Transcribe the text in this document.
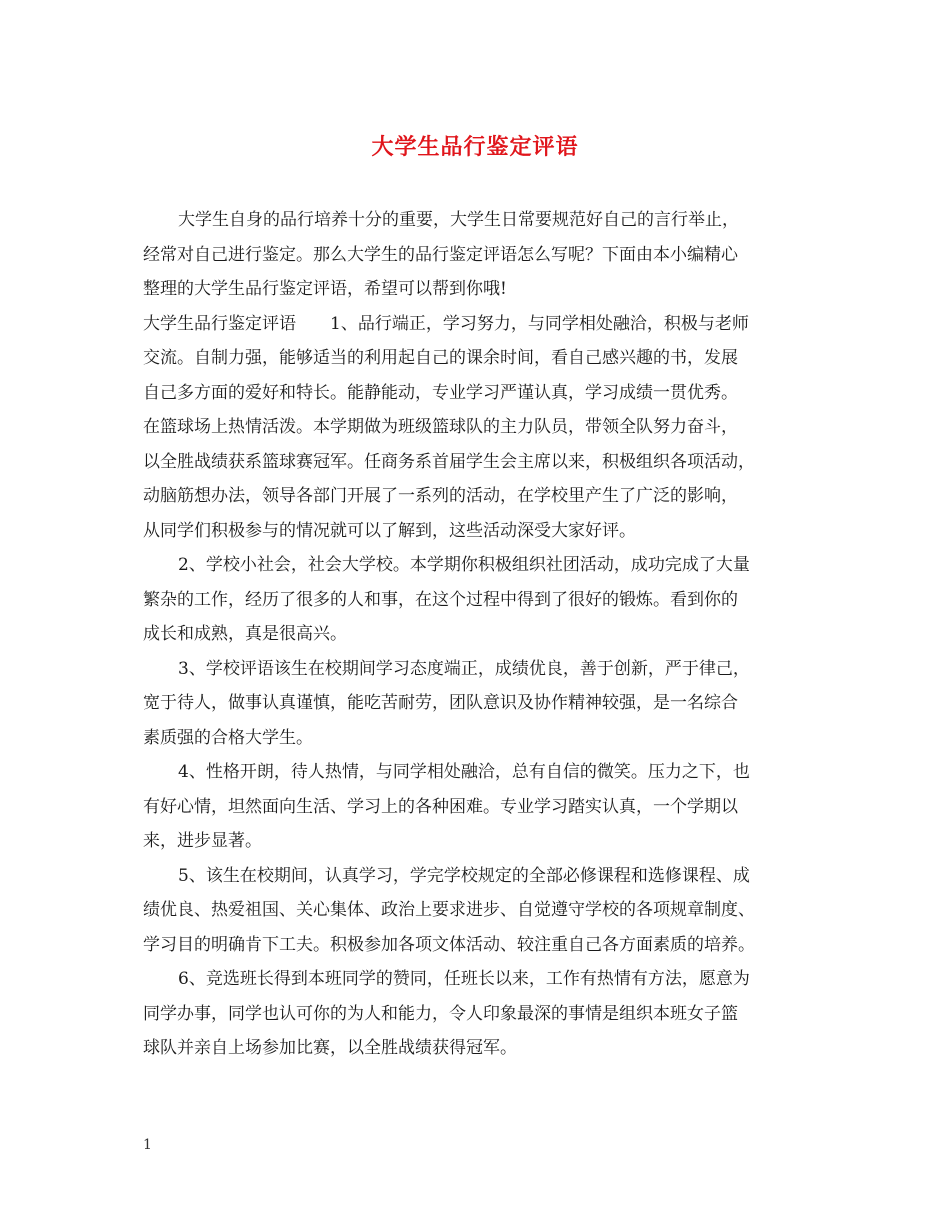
大学生品行鉴定评语
大学生自身的品行培养十分的重要，大学生日常要规范好自己的言行举止，
经常对自己进行鉴定。那么大学生的品行鉴定评语怎么写呢？下面由本小编精心
整理的大学生品行鉴定评语，希望可以帮到你哦!
大学生品行鉴定评语　　1、品行端正，学习努力，与同学相处融洽，积极与老师
交流。自制力强，能够适当的利用起自己的课余时间，看自己感兴趣的书，发展
自己多方面的爱好和特长。能静能动，专业学习严谨认真，学习成绩一贯优秀。
在篮球场上热情活泼。本学期做为班级篮球队的主力队员，带领全队努力奋斗，
以全胜战绩获系篮球赛冠军。任商务系首届学生会主席以来，积极组织各项活动，
动脑筋想办法，领导各部门开展了一系列的活动，在学校里产生了广泛的影响，
从同学们积极参与的情况就可以了解到，这些活动深受大家好评。
2、学校小社会，社会大学校。本学期你积极组织社团活动，成功完成了大量
繁杂的工作，经历了很多的人和事，在这个过程中得到了很好的锻炼。看到你的
成长和成熟，真是很高兴。
3、学校评语该生在校期间学习态度端正，成绩优良，善于创新，严于律己，
宽于待人，做事认真谨慎，能吃苦耐劳，团队意识及协作精神较强，是一名综合
素质强的合格大学生。
4、性格开朗，待人热情，与同学相处融洽，总有自信的微笑。压力之下，也
有好心情，坦然面向生活、学习上的各种困难。专业学习踏实认真，一个学期以
来，进步显著。
5、该生在校期间，认真学习，学完学校规定的全部必修课程和选修课程、成
绩优良、热爱祖国、关心集体、政治上要求进步、自觉遵守学校的各项规章制度、
学习目的明确肯下工夫。积极参加各项文体活动、较注重自己各方面素质的培养。
6、竞选班长得到本班同学的赞同，任班长以来，工作有热情有方法，愿意为
同学办事，同学也认可你的为人和能力，令人印象最深的事情是组织本班女子篮
球队并亲自上场参加比赛，以全胜战绩获得冠军。
1
